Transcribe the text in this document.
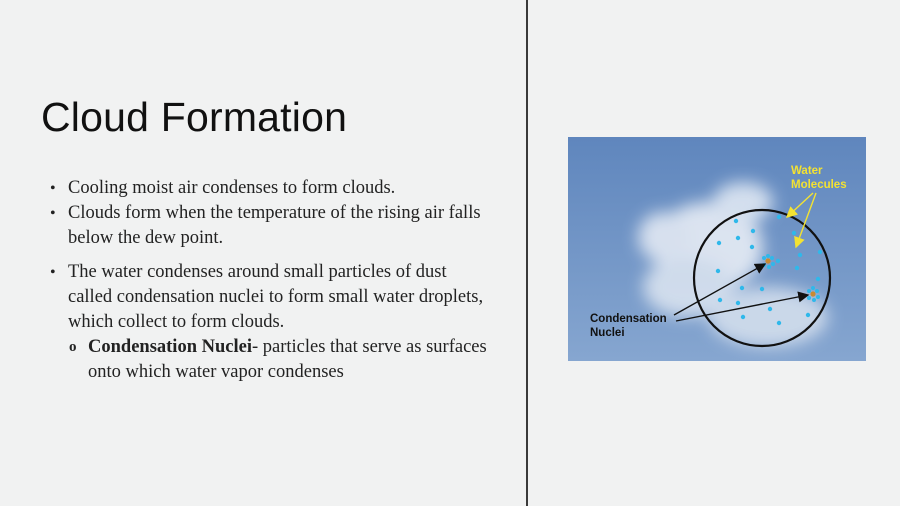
Cloud Formation
• Cooling moist air condenses to form clouds.
• Clouds form when the temperature of the rising air falls below the dew point.
• The water condenses around small particles of dust called condensation nuclei to form small water droplets, which collect to form clouds.
o Condensation Nuclei- particles that serve as surfaces onto which water vapor condenses
Water
Molecules
Condensation
Nuclei
